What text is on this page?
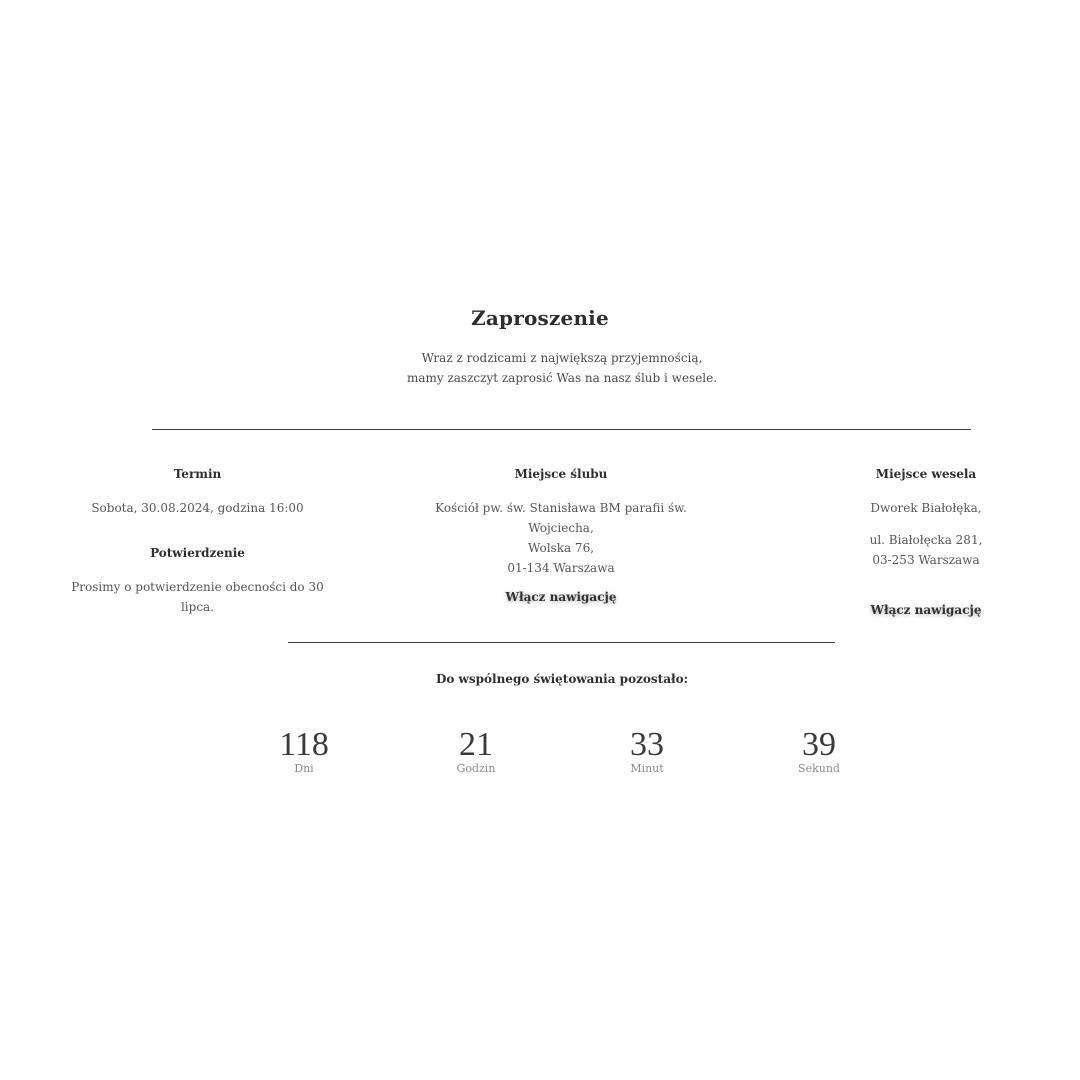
Zaproszenie
Wraz z rodzicami z największą przyjemnością,
mamy zaszczyt zaprosić Was na nasz ślub i wesele.
Termin
Sobota, 30.08.2024, godzina 16:00
Potwierdzenie
Prosimy o potwierdzenie obecności do 30 lipca.
Miejsce ślubu
Kościół pw. św. Stanisława BM parafii św. Wojciecha,
Wolska 76,
01-134 Warszawa
Włącz nawigację
Miejsce wesela
Dworek Białołęka,
ul. Białołęcka 281,
03-253 Warszawa
Włącz nawigację
Do wspólnego świętowania pozostało:
118
Dni
21
Godzin
33
Minut
39
Sekund
